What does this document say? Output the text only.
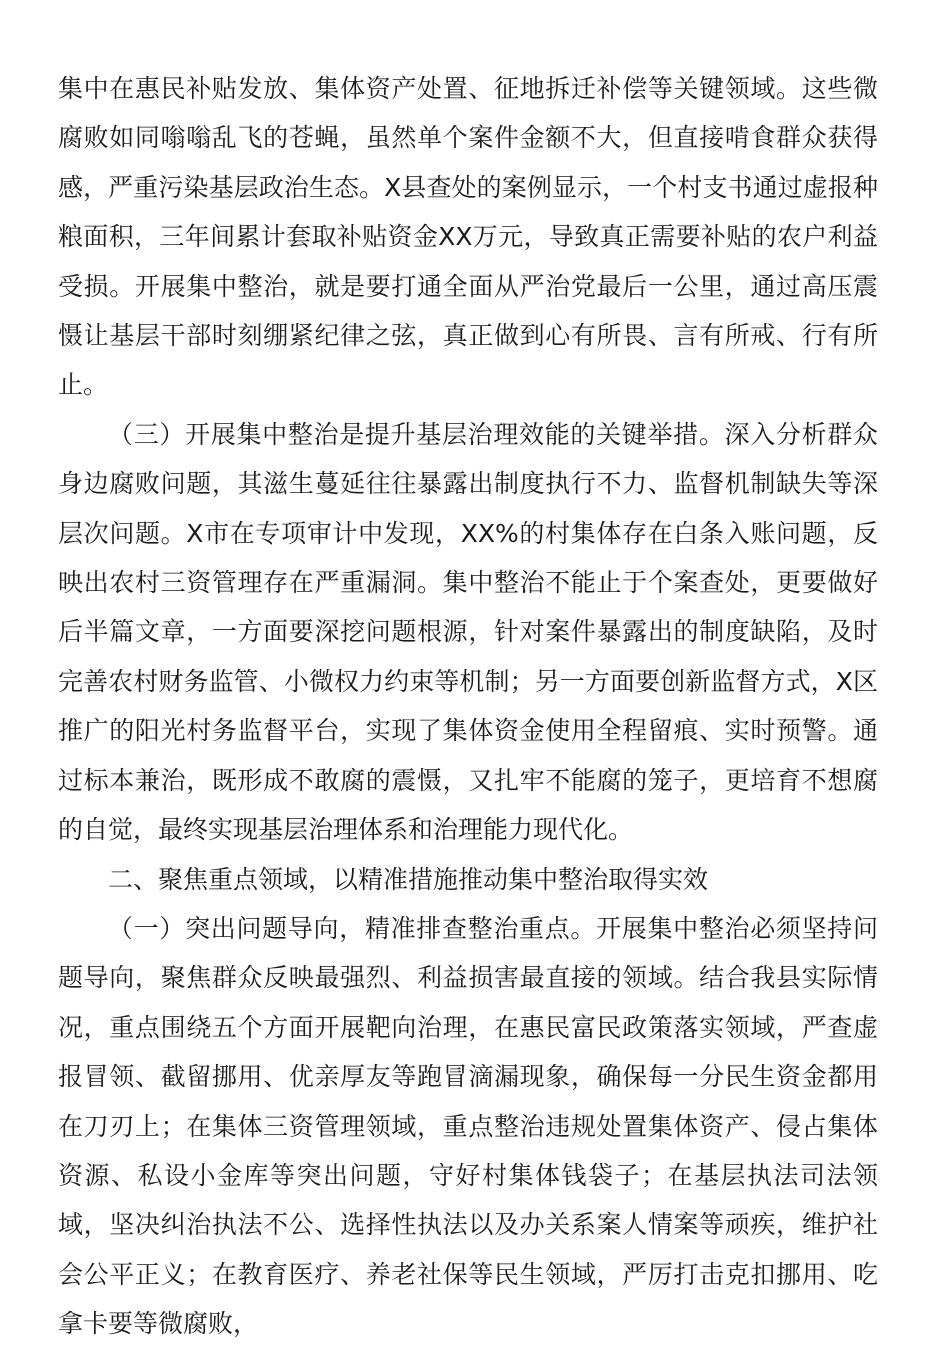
集中在惠民补贴发放、集体资产处置、征地拆迁补偿等关键领域。这些微腐败如同嗡嗡乱飞的苍蝇，虽然单个案件金额不大，但直接啃食群众获得感，严重污染基层政治生态。X县查处的案例显示，一个村支书通过虚报种粮面积，三年间累计套取补贴资金XX万元，导致真正需要补贴的农户利益受损。开展集中整治，就是要打通全面从严治党最后一公里，通过高压震慑让基层干部时刻绷紧纪律之弦，真正做到心有所畏、言有所戒、行有所止。

（三）开展集中整治是提升基层治理效能的关键举措。深入分析群众身边腐败问题，其滋生蔓延往往暴露出制度执行不力、监督机制缺失等深层次问题。X市在专项审计中发现，XX%的村集体存在白条入账问题，反映出农村三资管理存在严重漏洞。集中整治不能止于个案查处，更要做好后半篇文章，一方面要深挖问题根源，针对案件暴露出的制度缺陷，及时完善农村财务监管、小微权力约束等机制；另一方面要创新监督方式，X区推广的阳光村务监督平台，实现了集体资金使用全程留痕、实时预警。通过标本兼治，既形成不敢腐的震慑，又扎牢不能腐的笼子，更培育不想腐的自觉，最终实现基层治理体系和治理能力现代化。

二、聚焦重点领域，以精准措施推动集中整治取得实效

（一）突出问题导向，精准排查整治重点。开展集中整治必须坚持问题导向，聚焦群众反映最强烈、利益损害最直接的领域。结合我县实际情况，重点围绕五个方面开展靶向治理，在惠民富民政策落实领域，严查虚报冒领、截留挪用、优亲厚友等跑冒滴漏现象，确保每一分民生资金都用在刀刃上；在集体三资管理领域，重点整治违规处置集体资产、侵占集体资源、私设小金库等突出问题，守好村集体钱袋子；在基层执法司法领域，坚决纠治执法不公、选择性执法以及办关系案人情案等顽疾，维护社会公平正义；在教育医疗、养老社保等民生领域，严厉打击克扣挪用、吃拿卡要等微腐败，
